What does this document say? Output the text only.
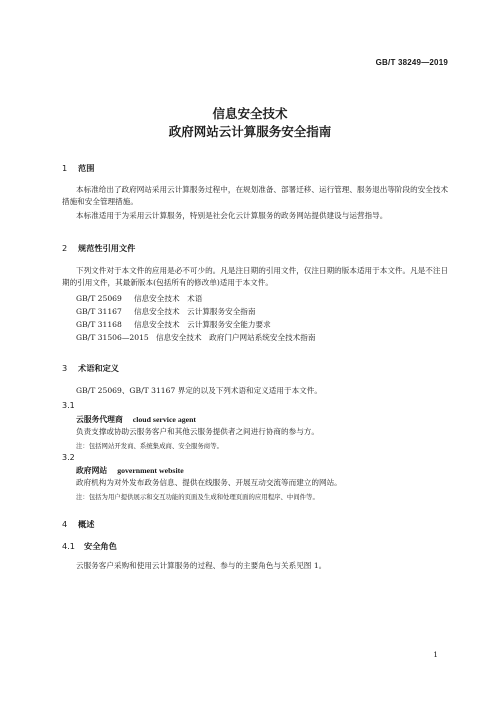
GB/T 38249—2019
信息安全技术
政府网站云计算服务安全指南
1 范围
本标准给出了政府网站采用云计算服务过程中，在规划准备、部署迁移、运行管理、服务退出等阶段的安全技术措施和安全管理措施。
本标准适用于为采用云计算服务，特别是社会化云计算服务的政务网站提供建设与运营指导。
2 规范性引用文件
下列文件对于本文件的应用是必不可少的。凡是注日期的引用文件，仅注日期的版本适用于本文件。凡是不注日期的引用文件，其最新版本(包括所有的修改单)适用于本文件。
GB/T 25069 信息安全技术　术语
GB/T 31167 信息安全技术　云计算服务安全指南
GB/T 31168 信息安全技术　云计算服务安全能力要求
GB/T 31506—2015 信息安全技术　政府门户网站系统安全技术指南
3 术语和定义
GB/T 25069、GB/T 31167 界定的以及下列术语和定义适用于本文件。
3.1
云服务代理商 cloud service agent
负责支撑或协助云服务客户和其他云服务提供者之间进行协商的参与方。
注：包括网站开发商、系统集成商、安全服务商等。
3.2
政府网站 government website
政府机构为对外发布政务信息、提供在线服务、开展互动交流等而建立的网站。
注：包括为用户提供展示和交互功能的页面及生成和处理页面的应用程序、中间件等。
4 概述
4.1 安全角色
云服务客户采购和使用云计算服务的过程、参与的主要角色与关系见图 1。
1
